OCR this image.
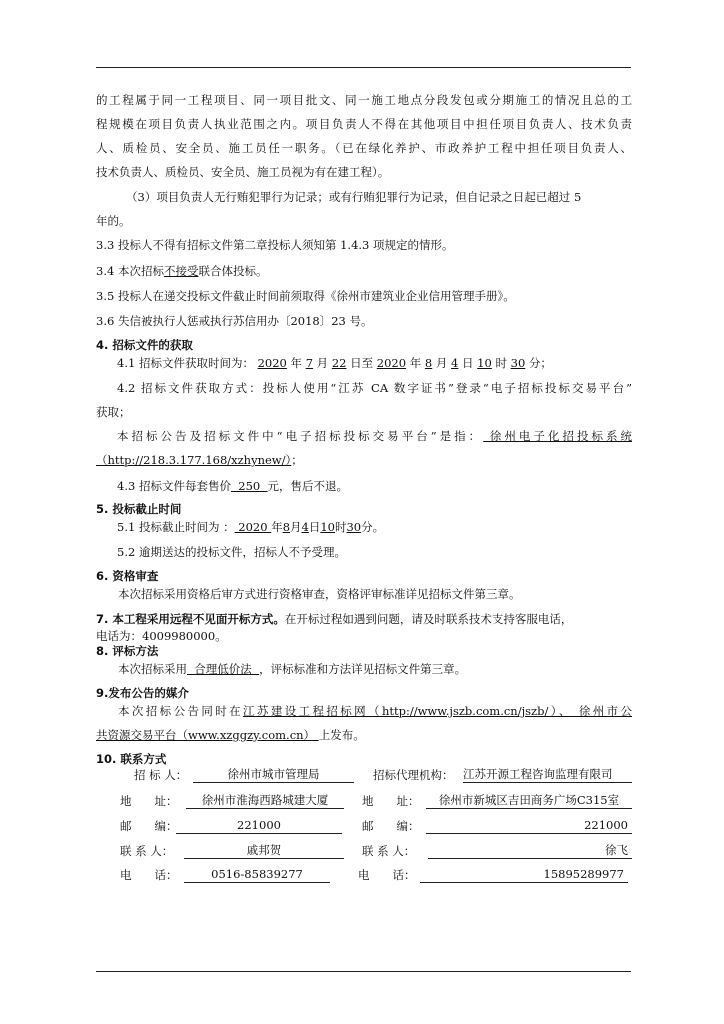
的工程属于同一工程项目、同一项目批文、同一施工地点分段发包或分期施工的情况且总的工
程规模在项目负责人执业范围之内。项目负责人不得在其他项目中担任项目负责人、技术负责
人、质检员、安全员、施工员任一职务。（已在绿化养护、市政养护工程中担任项目负责人、
技术负责人、质检员、安全员、施工员视为有在建工程）。
（3）项目负责人无行贿犯罪行为记录；或有行贿犯罪行为记录，但自记录之日起已超过 5
年的。
3.3 投标人不得有招标文件第二章投标人须知第 1.4.3 项规定的情形。
3.4 本次招标不接受联合体投标。
3.5 投标人在递交投标文件截止时间前须取得《徐州市建筑业企业信用管理手册》。
3.6 失信被执行人惩戒执行苏信用办〔2018〕23 号。
4. 招标文件的获取
4.1 招标文件获取时间为： 2020 年 7 月 22 日至 2020 年 8 月 4 日 10 时 30 分；
4.2 招标文件获取方式：投标人使用“江苏 CA 数字证书”登录“电子招标投标交易平台”
获取；
本招标公告及招标文件中“电子招标投标交易平台”是指： 徐州电子化招投标系统
（http://218.3.177.168/xzhynew/）；
4.3 招标文件每套售价  250  元，售后不退。
5. 投标截止时间
5.1 投标截止时间为 ： 2020 年8月4日10时30分。
5.2 逾期送达的投标文件，招标人不予受理。
6. 资格审查
本次招标采用资格后审方式进行资格审查，资格评审标准详见招标文件第三章。
7. 本工程采用远程不见面开标方式。在开标过程如遇到问题，请及时联系技术支持客服电话，
电话为：4009980000。
8. 评标方法
本次招标采用  合理低价法  ，评标标准和方法详见招标文件第三章。
9.发布公告的媒介
本次招标公告同时在江苏建设工程招标网（http://www.jszb.com.cn/jszb/）、 徐州市公
共资源交易平台（www.xzggzy.com.cn） 上发布。
10. 联系方式
招 标 人：	徐州市城市管理局	招标代理机构： 江苏开源工程咨询监理有限司
地　　址：	徐州市淮海西路城建大厦	地　　址：	徐州市新城区吉田商务广场C315室
邮　　编：	221000	邮　　编：	221000
联 系 人：	戚邦贺	联 系 人：	徐飞
电　　话：	0516-85839277	电　　话：	15895289977
